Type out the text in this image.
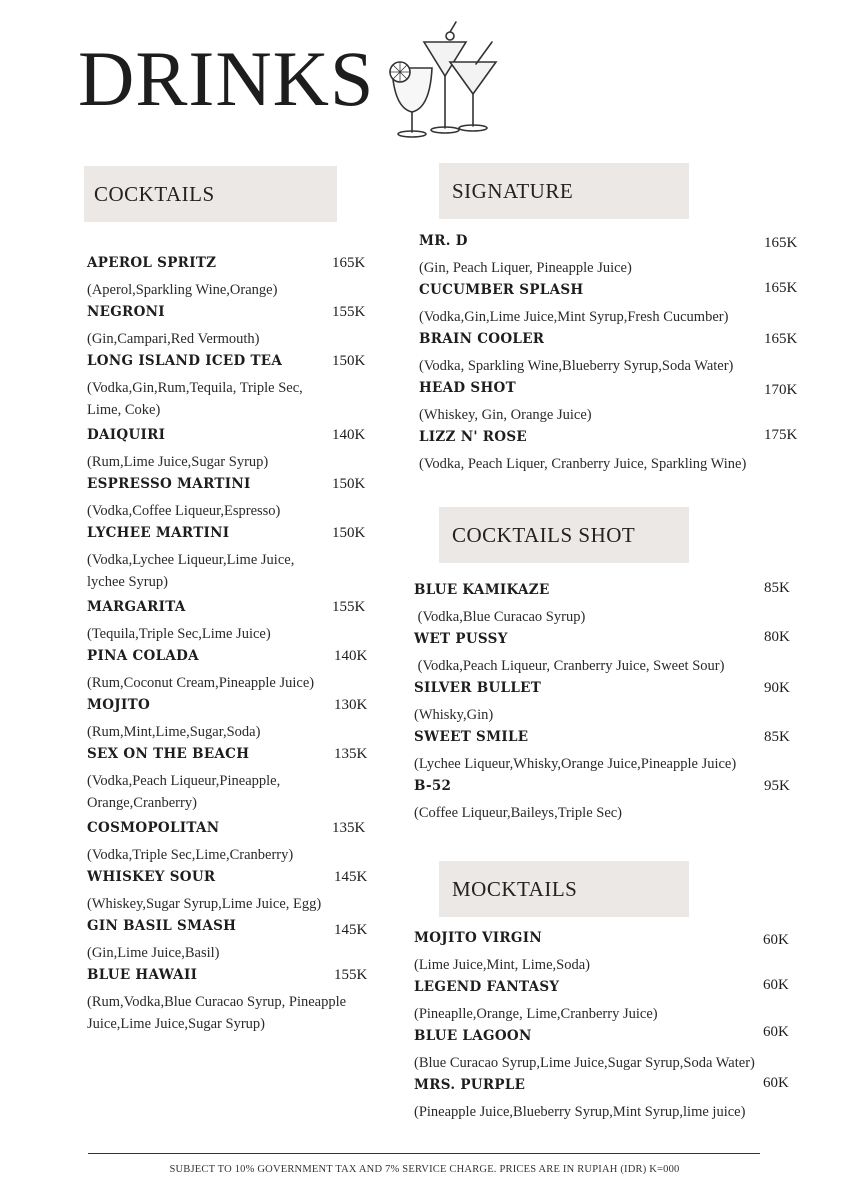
DRINKS
COCKTAILS
APEROL SPRITZ	165K
(Aperol,Sparkling Wine,Orange)
NEGRONI	155K
(Gin,Campari,Red Vermouth)
LONG ISLAND ICED TEA	150K
(Vodka,Gin,Rum,Tequila, Triple Sec, Lime, Coke)
DAIQUIRI	140K
(Rum,Lime Juice,Sugar Syrup)
ESPRESSO MARTINI	150K
(Vodka,Coffee Liqueur,Espresso)
LYCHEE MARTINI	150K
(Vodka,Lychee Liqueur,Lime Juice, lychee Syrup)
MARGARITA	155K
(Tequila,Triple Sec,Lime Juice)
PINA COLADA	140K
(Rum,Coconut Cream,Pineapple Juice)
MOJITO	130K
(Rum,Mint,Lime,Sugar,Soda)
SEX ON THE BEACH	135K
(Vodka,Peach Liqueur,Pineapple, Orange,Cranberry)
COSMOPOLITAN	135K
(Vodka,Triple Sec,Lime,Cranberry)
WHISKEY SOUR	145K
(Whiskey,Sugar Syrup,Lime Juice, Egg)
GIN BASIL SMASH	145K
(Gin,Lime Juice,Basil)
BLUE HAWAII	155K
(Rum,Vodka,Blue Curacao Syrup, Pineapple Juice,Lime Juice,Sugar Syrup)
SIGNATURE
MR. D	165K
(Gin, Peach Liquer, Pineapple Juice)
CUCUMBER SPLASH	165K
(Vodka,Gin,Lime Juice,Mint Syrup,Fresh Cucumber)
BRAIN COOLER	165K
(Vodka, Sparkling Wine,Blueberry Syrup,Soda Water)
HEAD SHOT	170K
(Whiskey, Gin, Orange Juice)
LIZZ N' ROSE	175K
(Vodka, Peach Liquer, Cranberry Juice, Sparkling Wine)
COCKTAILS SHOT
BLUE KAMIKAZE	85K
(Vodka,Blue Curacao Syrup)
WET PUSSY	80K
(Vodka,Peach Liqueur, Cranberry Juice, Sweet Sour)
SILVER BULLET	90K
(Whisky,Gin)
SWEET SMILE	85K
(Lychee Liqueur,Whisky,Orange Juice,Pineapple Juice)
B-52	95K
(Coffee Liqueur,Baileys,Triple Sec)
MOCKTAILS
MOJITO VIRGIN	60K
(Lime Juice,Mint, Lime,Soda)
LEGEND FANTASY	60K
(Pineaplle,Orange, Lime,Cranberry Juice)
BLUE LAGOON	60K
(Blue Curacao Syrup,Lime Juice,Sugar Syrup,Soda Water)
MRS. PURPLE	60K
(Pineapple Juice,Blueberry Syrup,Mint Syrup,lime juice)
SUBJECT TO 10% GOVERNMENT TAX AND 7% SERVICE CHARGE. PRICES ARE IN RUPIAH (IDR) K=000
